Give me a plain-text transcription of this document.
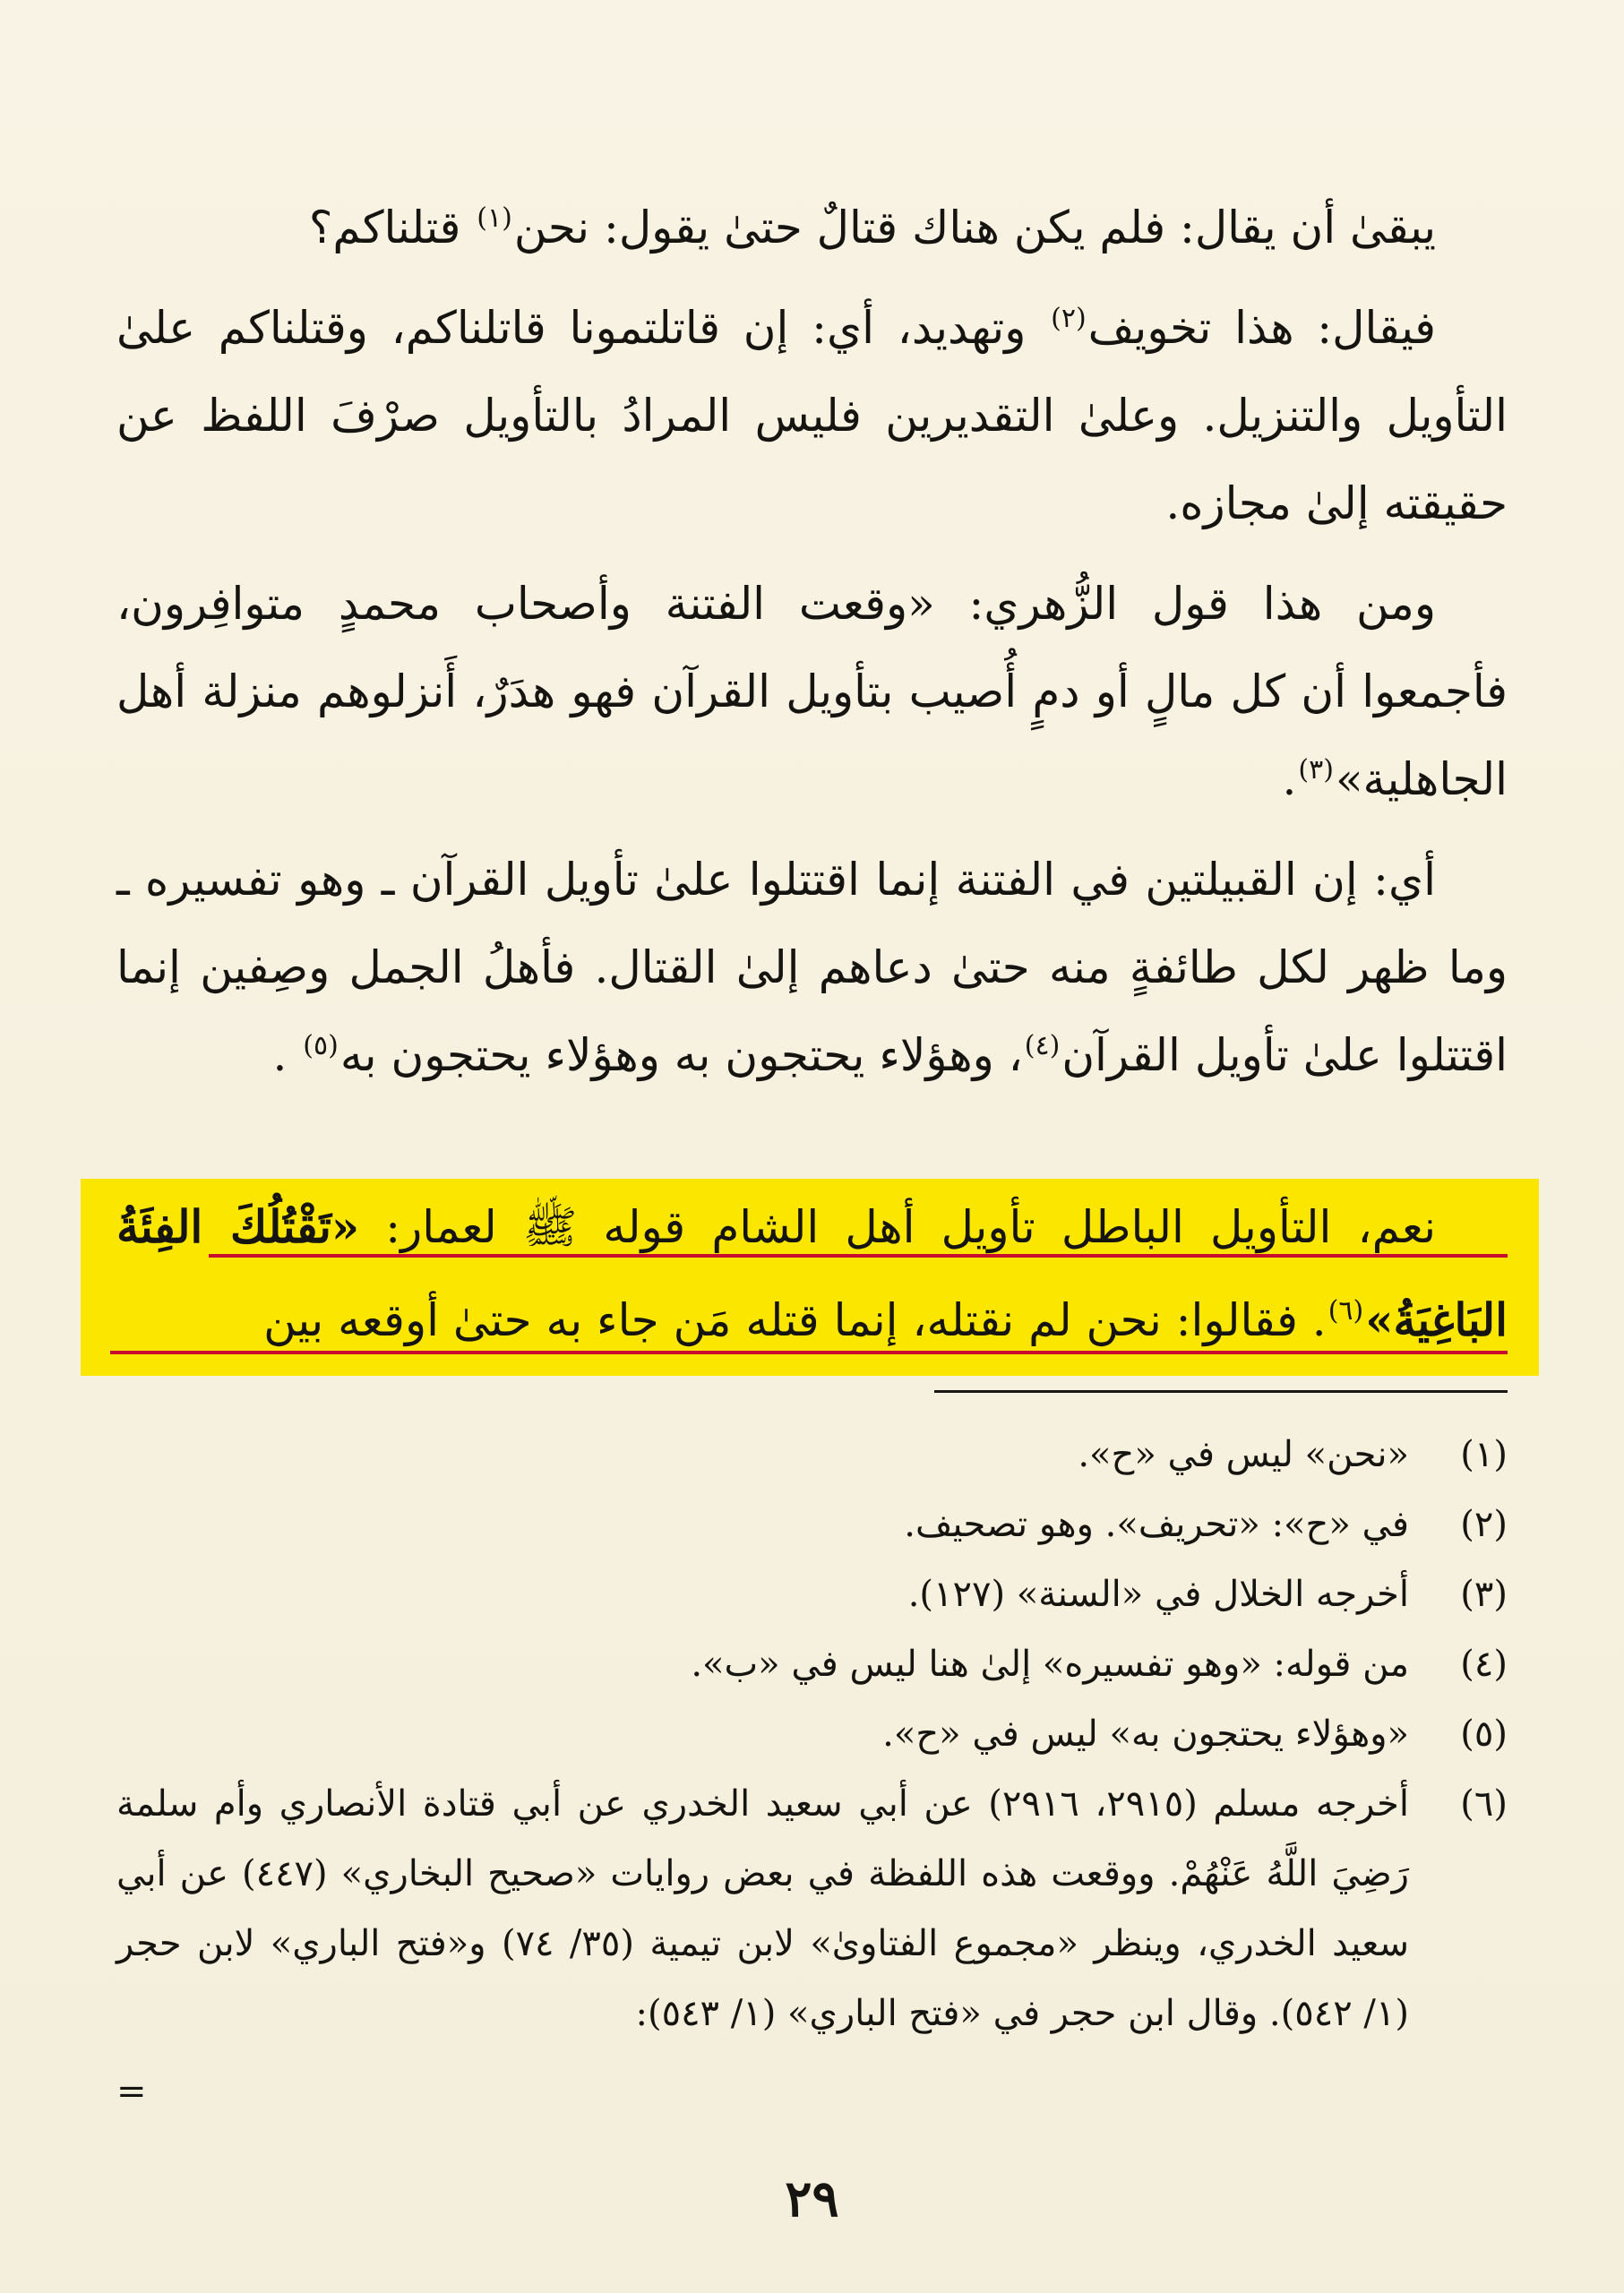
يبقىٰ أن يقال: فلم يكن هناك قتالٌ حتىٰ يقول: نحن$^{(١)}$ قتلناكم؟

فيقال: هذا تخويف$^{(٢)}$ وتهديد، أي: إن قاتلتمونا قاتلناكم، وقتلناكم علىٰ التأويل والتنزيل. وعلىٰ التقديرين فليس المرادُ بالتأويل صرْفَ اللفظ عن حقيقته إلىٰ مجازه.

ومن هذا قول الزُّهري: «وقعت الفتنة وأصحاب محمدٍ متوافِرون، فأجمعوا أن كل مالٍ أو دمٍ أُصيب بتأويل القرآن فهو هدَرٌ، أَنزلوهم منزلة أهل الجاهلية»$^{(٣)}$.

أي: إن القبيلتين في الفتنة إنما اقتتلوا علىٰ تأويل القرآن ـ وهو تفسيره ـ وما ظهر لكل طائفةٍ منه حتىٰ دعاهم إلىٰ القتال. فأهلُ الجمل وصِفين إنما اقتتلوا علىٰ تأويل القرآن$^{(٤)}$، وهؤلاء يحتجون به وهؤلاء يحتجون به$^{(٥)}$ .

نعم، التأويل الباطل تأويل أهل الشام قوله ﷺ لعمار: «تَقْتُلُكَ الفِئَةُ البَاغِيَةُ»$^{(٦)}$. فقالوا: نحن لم نقتله، إنما قتله مَن جاء به حتىٰ أوقعه بين

(١)
«نحن» ليس في «ح».
(٢)
في «ح»: «تحريف». وهو تصحيف.
(٣)
أخرجه الخلال في «السنة» (١٢٧).
(٤)
من قوله: «وهو تفسيره» إلىٰ هنا ليس في «ب».
(٥)
«وهؤلاء يحتجون به» ليس في «ح».
(٦)
أخرجه مسلم (٢٩١٥، ٢٩١٦) عن أبي سعيد الخدري عن أبي قتادة الأنصاري وأم سلمة رَضِيَ اللَّهُ عَنْهُمْ. ووقعت هذه اللفظة في بعض روايات «صحيح البخاري» (٤٤٧) عن أبي سعيد الخدري، وينظر «مجموع الفتاوىٰ» لابن تيمية (٣٥/ ٧٤) و«فتح الباري» لابن حجر (١/ ٥٤٢). وقال ابن حجر في «فتح الباري» (١/ ٥٤٣):
=
٢٩
